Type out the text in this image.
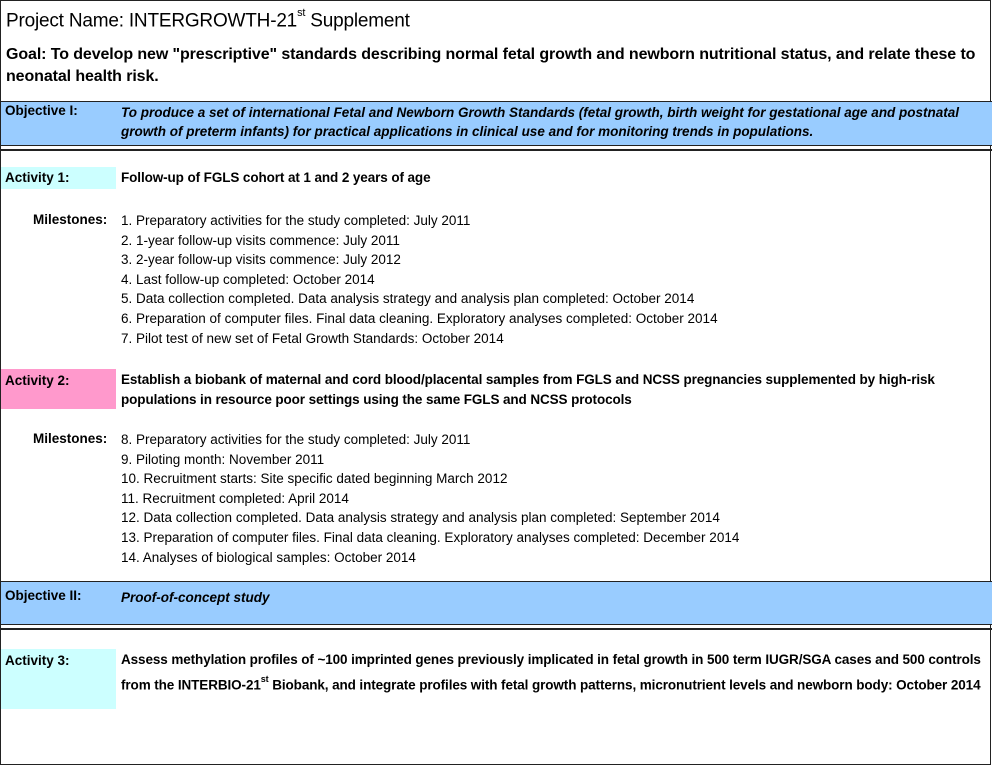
Project Name: INTERGROWTH-21st Supplement
Goal: To develop new "prescriptive" standards describing normal fetal growth and newborn nutritional status, and relate these to neonatal health risk.
Objective I:	To produce a set of international Fetal and Newborn Growth Standards (fetal growth, birth weight for gestational age and postnatal growth of preterm infants) for practical applications in clinical use and for monitoring trends in populations.
Activity 1:	Follow-up of FGLS cohort at 1 and 2 years of age
Milestones: 1. Preparatory activities for the study completed: July 2011
2. 1-year follow-up visits commence: July 2011
3. 2-year follow-up visits commence: July 2012
4. Last follow-up completed: October 2014
5. Data collection completed. Data analysis strategy and analysis plan completed: October 2014
6. Preparation of computer files. Final data cleaning. Exploratory analyses completed: October 2014
7. Pilot test of new set of Fetal Growth Standards: October 2014
Activity 2:	Establish a biobank of maternal and cord blood/placental samples from FGLS and NCSS pregnancies supplemented by high-risk populations in resource poor settings using the same FGLS and NCSS protocols
Milestones: 8. Preparatory activities for the study completed: July 2011
9. Piloting month: November 2011
10. Recruitment starts: Site specific dated beginning March 2012
11. Recruitment completed: April 2014
12. Data collection completed. Data analysis strategy and analysis plan completed: September 2014
13. Preparation of computer files. Final data cleaning. Exploratory analyses completed: December 2014
14. Analyses of biological samples: October 2014
Objective II:	Proof-of-concept study
Activity 3:	Assess methylation profiles of ~100 imprinted genes previously implicated in fetal growth in 500 term IUGR/SGA cases and 500 controls from the INTERBIO-21st Biobank, and integrate profiles with fetal growth patterns, micronutrient levels and newborn body: October 2014
